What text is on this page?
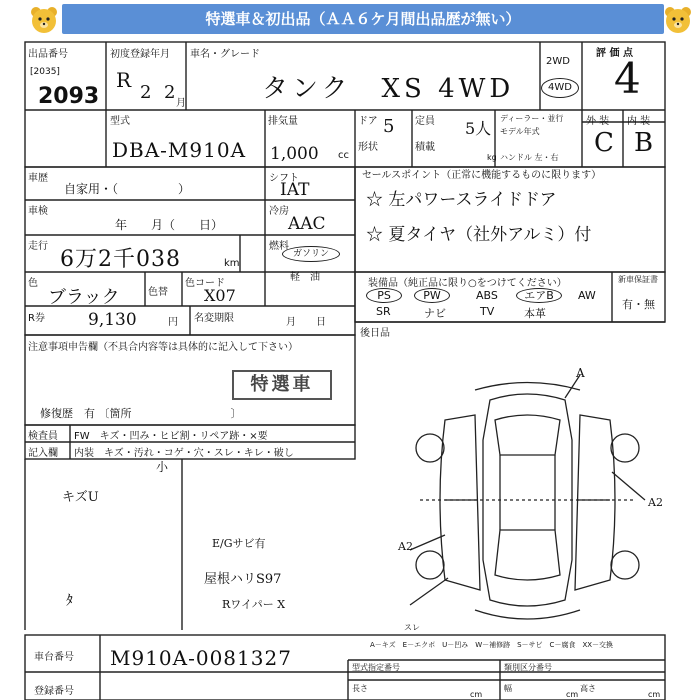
特選車＆初出品（ＡＡ６ケ月間出品歴が無い）
出品番号
[2035]
2093
初度登録年月
R
2 2
月
車名・グレード
タンク　XS 4WD
2WD
4WD
評 価 点
4
型式
DBA-M910A
排気量
1,000 cc
ドア 5 定員 5人
ディーラー・並行
モデル年式
形状	積載
kg ハンドル 左・右
外 装 内 装
C B
車歴
自家用・（　　　　　）
車検
年　　月（　　日）
走行
6万2千038	km
色
ブラック	色替
色コード
X07
シフト
IAT
冷房
AAC
燃料
ガソリン
軽　油
R券	9,130	円 名変期限	月　　日
注意事項申告欄（不具合内容等は具体的に記入して下さい）
特選車
修復歴　有 〔箇所　　　　　　　　　〕
セールスポイント（正常に機能するものに限ります）
☆ 左パワースライドドア
☆ 夏タイヤ（社外アルミ）付
装備品（純正品に限り○をつけてください）
PS	PW	ABS	エアB	AW
SR	ナビ	TV	本革
新車保証書
有・無
後日品
検査員 FW　キズ・凹み・ヒビ割・リペア跡・×要
記入欄 内装　キズ・汚れ・コゲ・穴・スレ・キレ・破し
小
キズU
E/Gサビ有
屋根ハリS97
Rワイパー X
ﾀ
A
A2
A2
スレ
A－キズ　E－エクボ　U－凹み　W－補修跡　S－サビ　C－腐食　XX－交換
車台番号 M910A-0081327
登録番号
型式指定番号	類別区分番号
長さ
cm
幅
cm
高さ
cm
